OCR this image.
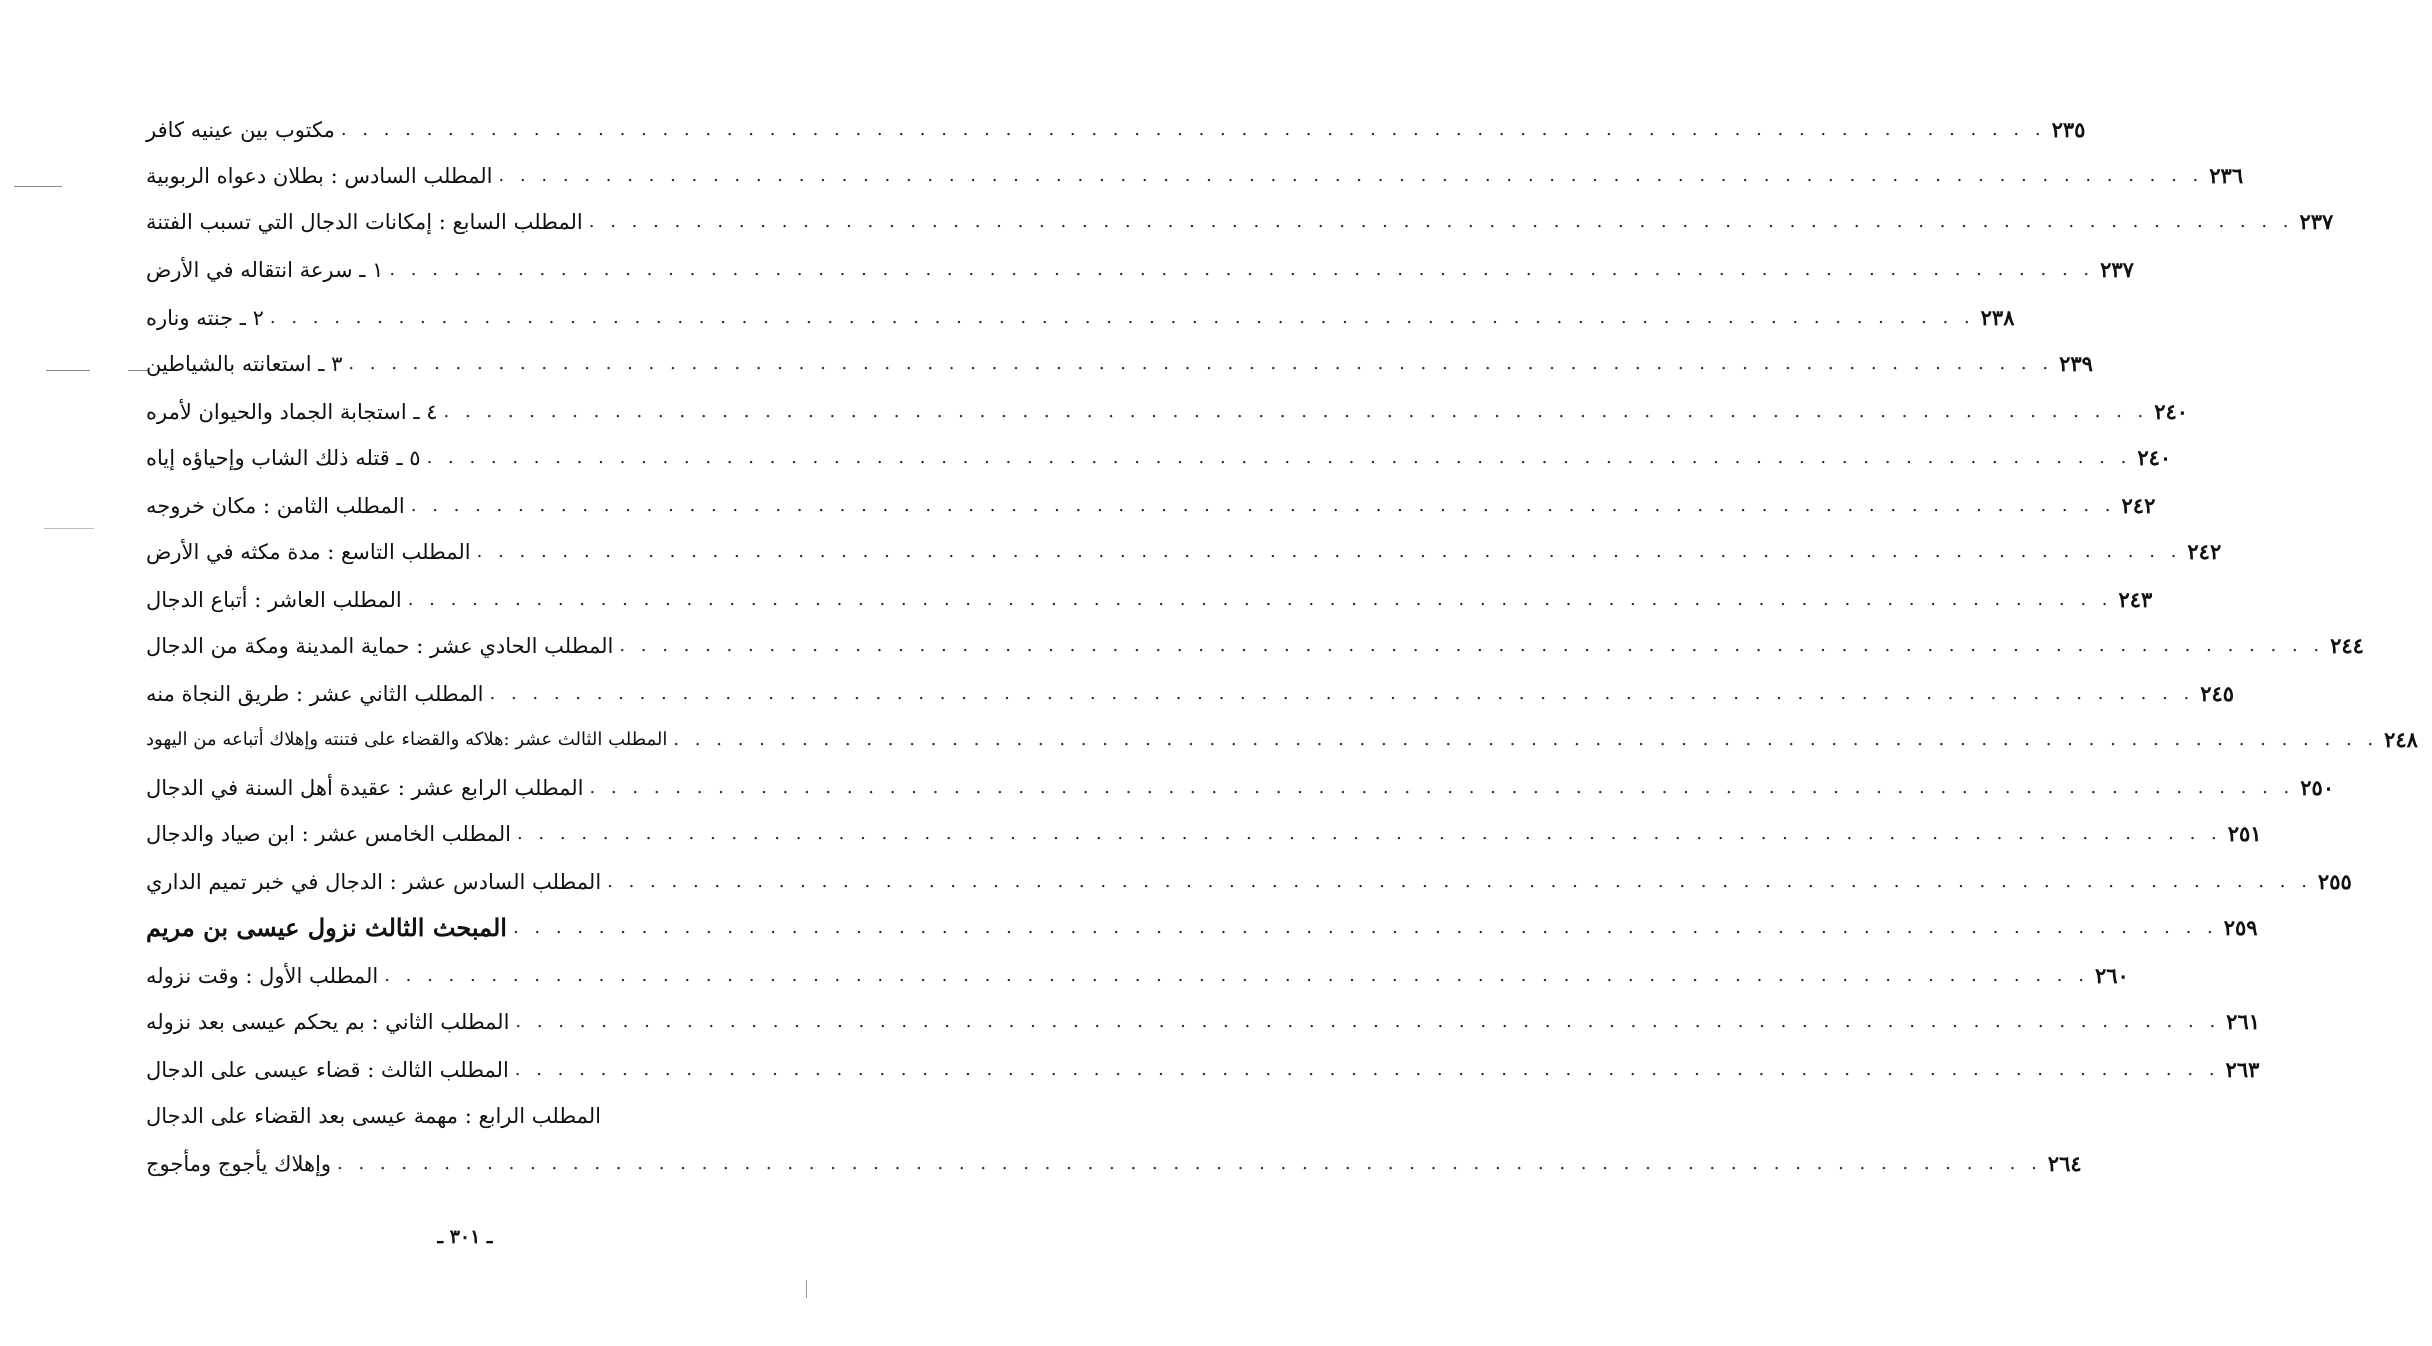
مكتوب بين عينيه كافر . . . . . . . . . . . . . . . . . . . . . . . . . . . . . . . . . . . . . . . . . . . . . . . . . . . . . . . . . . . . . . . . . . . . . . . . . . . . . . . . ٢٣٥
المطلب السادس : بطلان دعواه الربوبية . . . . . . . . . . . . . . . . . . . . . . . . . . . . . . . . . . . . . . . . . . . . . . . . . . . . . . . . . . . . . . . . . . . . . . . . . . . . . . . . ٢٣٦
المطلب السابع : إمكانات الدجال التي تسبب الفتنة . . . . . . . . . . . . . . . . . . . . . . . . . . . . . . . . . . . . . . . . . . . . . . . . . . . . . . . . . . . . . . . . . . . . . . . . . . . . . . . . ٢٣٧
١ ـ سرعة انتقاله في الأرض . . . . . . . . . . . . . . . . . . . . . . . . . . . . . . . . . . . . . . . . . . . . . . . . . . . . . . . . . . . . . . . . . . . . . . . . . . . . . . . . ٢٣٧
٢ ـ جنته وناره . . . . . . . . . . . . . . . . . . . . . . . . . . . . . . . . . . . . . . . . . . . . . . . . . . . . . . . . . . . . . . . . . . . . . . . . . . . . . . . . ٢٣٨
٣ ـ استعانته بالشياطين . . . . . . . . . . . . . . . . . . . . . . . . . . . . . . . . . . . . . . . . . . . . . . . . . . . . . . . . . . . . . . . . . . . . . . . . . . . . . . . . ٢٣٩
٤ ـ استجابة الجماد والحيوان لأمره . . . . . . . . . . . . . . . . . . . . . . . . . . . . . . . . . . . . . . . . . . . . . . . . . . . . . . . . . . . . . . . . . . . . . . . . . . . . . . . . ٢٤٠
٥ ـ قتله ذلك الشاب وإحياؤه إياه . . . . . . . . . . . . . . . . . . . . . . . . . . . . . . . . . . . . . . . . . . . . . . . . . . . . . . . . . . . . . . . . . . . . . . . . . . . . . . . . ٢٤٠
المطلب الثامن : مكان خروجه . . . . . . . . . . . . . . . . . . . . . . . . . . . . . . . . . . . . . . . . . . . . . . . . . . . . . . . . . . . . . . . . . . . . . . . . . . . . . . . . ٢٤٢
المطلب التاسع : مدة مكثه في الأرض . . . . . . . . . . . . . . . . . . . . . . . . . . . . . . . . . . . . . . . . . . . . . . . . . . . . . . . . . . . . . . . . . . . . . . . . . . . . . . . . ٢٤٢
المطلب العاشر : أتباع الدجال . . . . . . . . . . . . . . . . . . . . . . . . . . . . . . . . . . . . . . . . . . . . . . . . . . . . . . . . . . . . . . . . . . . . . . . . . . . . . . . . ٢٤٣
المطلب الحادي عشر : حماية المدينة ومكة من الدجال . . . . . . . . . . . . . . . . . . . . . . . . . . . . . . . . . . . . . . . . . . . . . . . . . . . . . . . . . . . . . . . . . . . . . . . . . . . . . . . . ٢٤٤
المطلب الثاني عشر : طريق النجاة منه . . . . . . . . . . . . . . . . . . . . . . . . . . . . . . . . . . . . . . . . . . . . . . . . . . . . . . . . . . . . . . . . . . . . . . . . . . . . . . . . ٢٤٥
المطلب الثالث عشر :هلاكه والقضاء على فتنته وإهلاك أتباعه من اليهود . . . . . . . . . . . . . . . . . . . . . . . . . . . . . . . . . . . . . . . . . . . . . . . . . . . . . . . . . . . . . . . . . . . . . . . . . . . . . . . . ٢٤٨
المطلب الرابع عشر : عقيدة أهل السنة في الدجال . . . . . . . . . . . . . . . . . . . . . . . . . . . . . . . . . . . . . . . . . . . . . . . . . . . . . . . . . . . . . . . . . . . . . . . . . . . . . . . . ٢٥٠
المطلب الخامس عشر : ابن صياد والدجال . . . . . . . . . . . . . . . . . . . . . . . . . . . . . . . . . . . . . . . . . . . . . . . . . . . . . . . . . . . . . . . . . . . . . . . . . . . . . . . . ٢٥١
المطلب السادس عشر : الدجال في خبر تميم الداري . . . . . . . . . . . . . . . . . . . . . . . . . . . . . . . . . . . . . . . . . . . . . . . . . . . . . . . . . . . . . . . . . . . . . . . . . . . . . . . . ٢٥٥
المبحث الثالث نزول عيسى بن مريم . . . . . . . . . . . . . . . . . . . . . . . . . . . . . . . . . . . . . . . . . . . . . . . . . . . . . . . . . . . . . . . . . . . . . . . . . . . . . . . . ٢٥٩
المطلب الأول : وقت نزوله . . . . . . . . . . . . . . . . . . . . . . . . . . . . . . . . . . . . . . . . . . . . . . . . . . . . . . . . . . . . . . . . . . . . . . . . . . . . . . . . ٢٦٠
المطلب الثاني : بم يحكم عيسى بعد نزوله . . . . . . . . . . . . . . . . . . . . . . . . . . . . . . . . . . . . . . . . . . . . . . . . . . . . . . . . . . . . . . . . . . . . . . . . . . . . . . . . ٢٦١
المطلب الثالث : قضاء عيسى على الدجال . . . . . . . . . . . . . . . . . . . . . . . . . . . . . . . . . . . . . . . . . . . . . . . . . . . . . . . . . . . . . . . . . . . . . . . . . . . . . . . . ٢٦٣
المطلب الرابع : مهمة عيسى بعد القضاء على الدجال
وإهلاك يأجوج ومأجوج . . . . . . . . . . . . . . . . . . . . . . . . . . . . . . . . . . . . . . . . . . . . . . . . . . . . . . . . . . . . . . . . . . . . . . . . . . . . . . . . ٢٦٤
ـ ٣٠١ ـ
